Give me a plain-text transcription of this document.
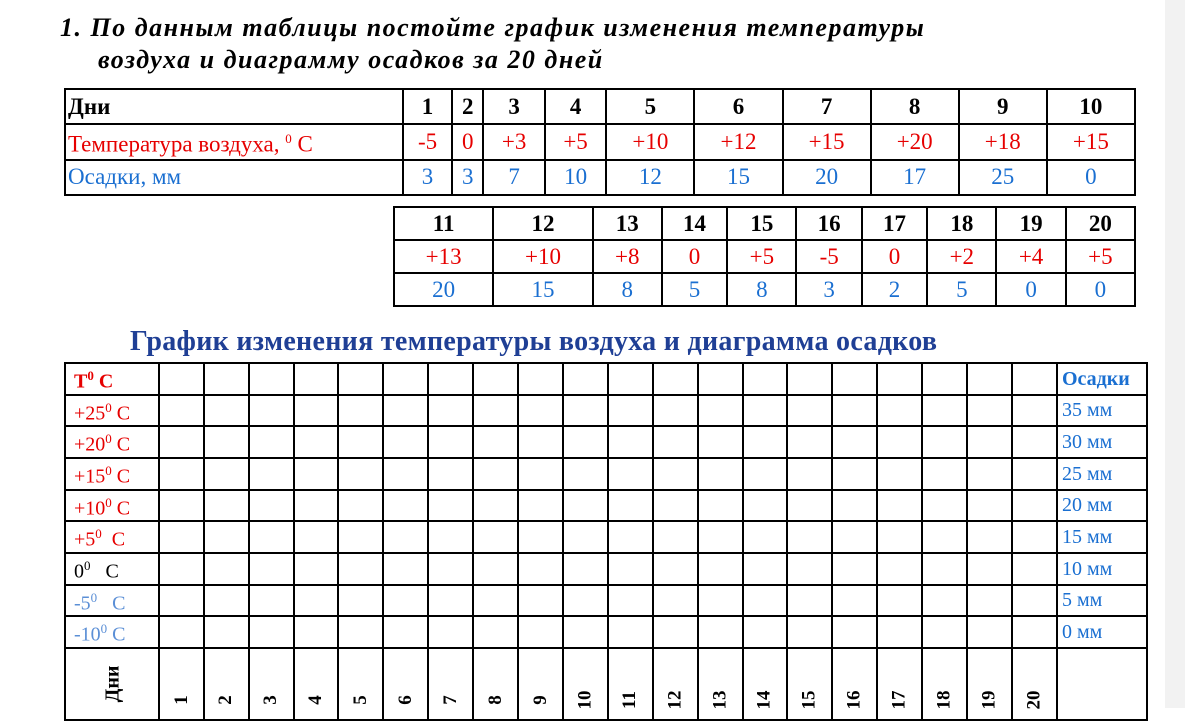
1. По данным таблицы постойте график изменения температуры
воздуха и диаграмму осадков за 20 дней
Дни	1	2	3	4	5	6	7	8	9	10
Температура воздуха, $^0$ С	-5	0	+3	+5	+10	+12	+15	+20	+18	+15
Осадки, мм	3	3	7	10	12	15	20	17	25	0
11	12	13	14	15	16	17	18	19	20
+13	+10	+8	0	+5	-5	0	+2	+4	+5
20	15	8	5	8	3	2	5	0	0
График изменения температуры воздуха и диаграмма осадков
$Т^0$ С																					Осадки
$+25^0$ С																					35 мм
$+20^0$ С																					30 мм
$+15^0$ С																					25 мм
$+10^0$ С																					20 мм
$+5^0$  С																					15 мм
$0^0$   С																					10 мм
$-5^0$   С																					5 мм
$-10^0$ С																					0 мм
Дни	1	2	3	4	5	6	7	8	9	10	11	12	13	14	15	16	17	18	19	20	
